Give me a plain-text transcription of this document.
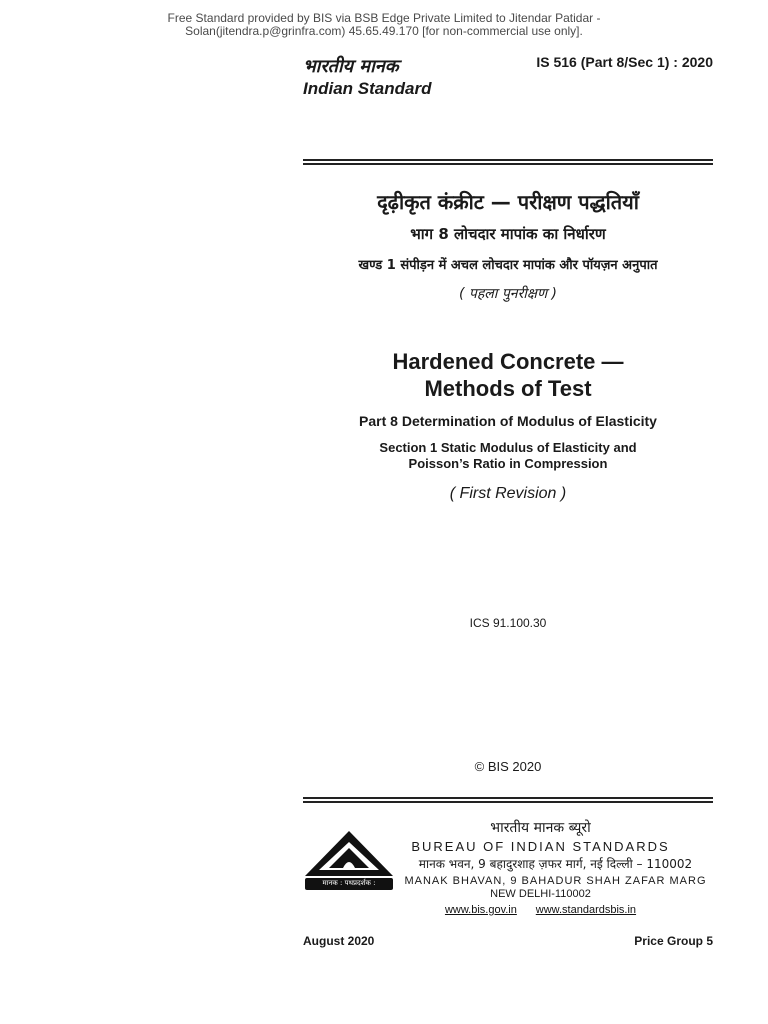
Free Standard provided by BIS via BSB Edge Private Limited to Jitendar Patidar -
Solan(jitendra.p@grinfra.com) 45.65.49.170 [for non-commercial use only].
भारतीय मानक
Indian Standard
IS 516 (Part 8/Sec 1) : 2020
दृढ़ीकृत कंक्रीट — परीक्षण पद्धतियाँ
भाग 8 लोचदार मापांक का निर्धारण
खण्ड 1 संपीड़न में अचल लोचदार मापांक और पॉयज़न अनुपात
( पहला पुनरीक्षण )
Hardened Concrete —
Methods of Test
Part 8 Determination of Modulus of Elasticity
Section 1 Static Modulus of Elasticity and
Poisson’s Ratio in Compression
( First Revision )
ICS 91.100.30
© BIS 2020
मानक : पथप्रदर्शक :
भारतीय मानक ब्यूरो
BUREAU OF INDIAN STANDARDS
मानक भवन, 9 बहादुरशाह ज़फर मार्ग, नई दिल्ली – 110002
MANAK BHAVAN, 9 BAHADUR SHAH ZAFAR MARG
NEW DELHI-110002
www.bis.gov.in www.standardsbis.in
August 2020	Price Group 5
